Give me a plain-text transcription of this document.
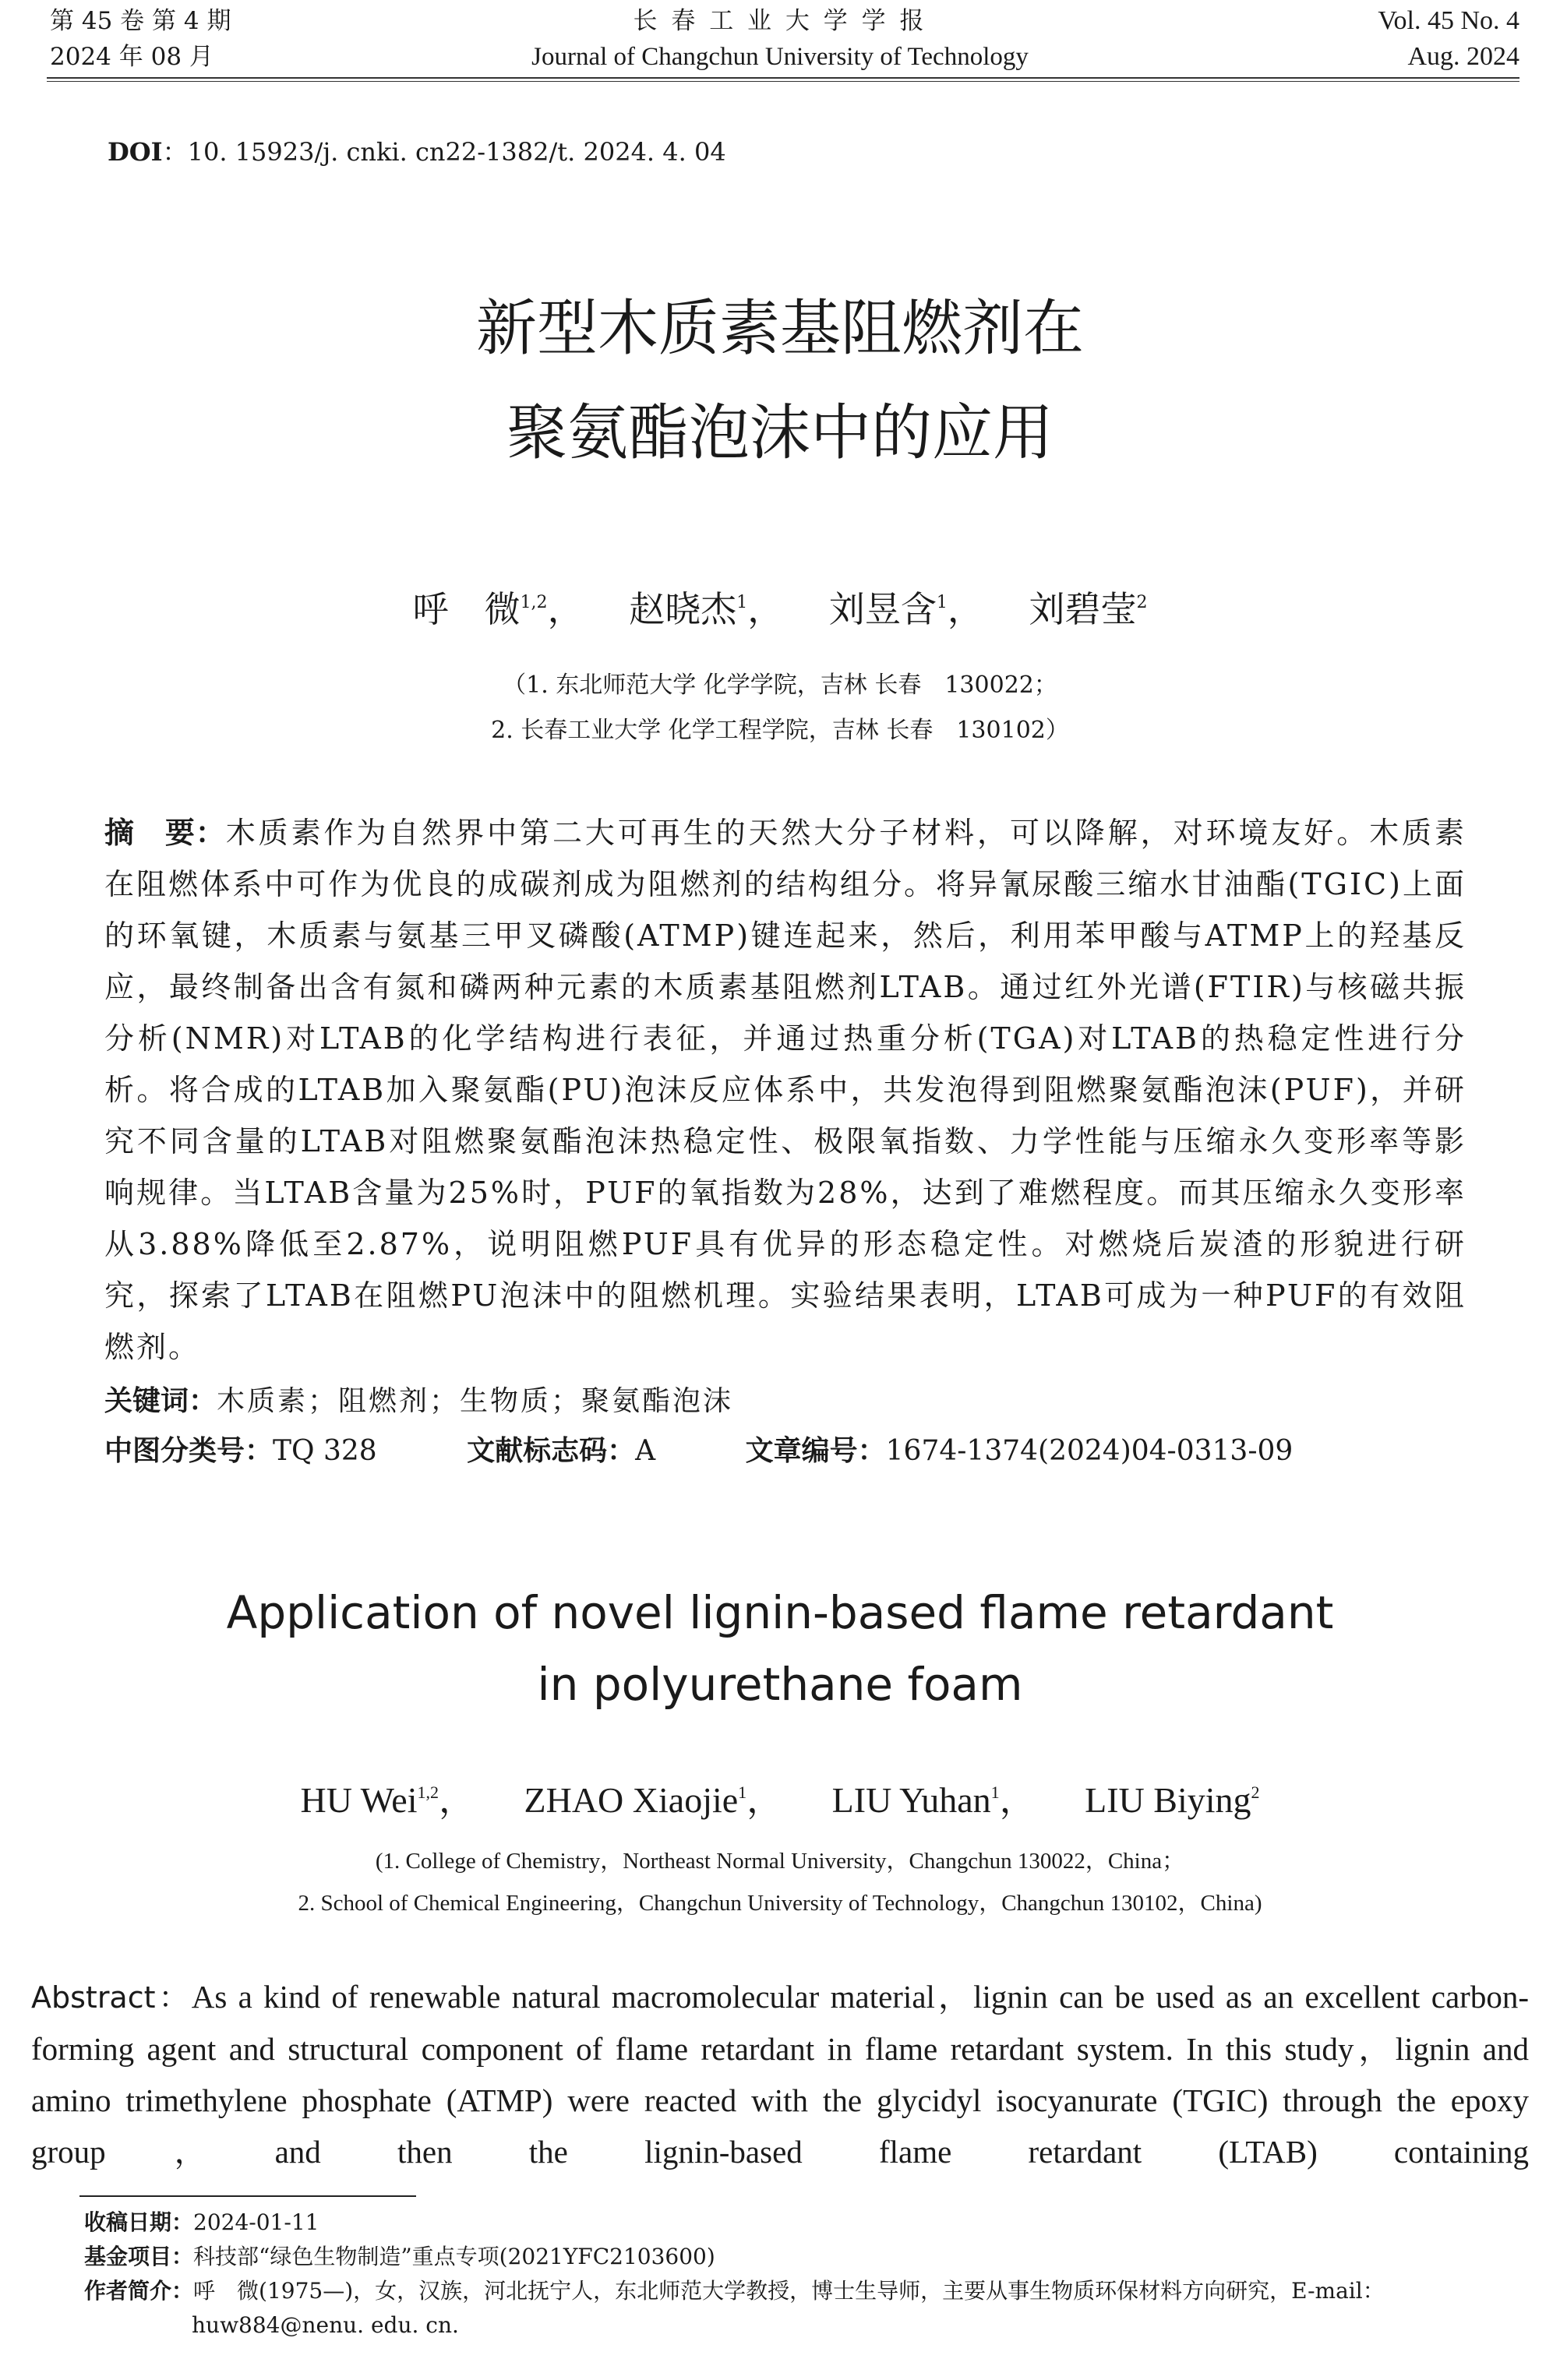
第 45 卷 第 4 期
2024 年 08 月
长 春 工 业 大 学 学 报
Journal of Changchun University of Technology
Vol. 45 No. 4
Aug. 2024
DOI：10. 15923/j. cnki. cn22-1382/t. 2024. 4. 04
新型木质素基阻燃剂在
聚氨酯泡沫中的应用
呼　微$^{1,2}$， 赵晓杰$^1$， 刘昱含$^1$， 刘碧莹$^2$
（1. 东北师范大学 化学学院，吉林 长春　130022；
2. 长春工业大学 化学工程学院，吉林 长春　130102）
摘　要：木质素作为自然界中第二大可再生的天然大分子材料，可以降解，对环境友好。木质素在阻燃体系中可作为优良的成碳剂成为阻燃剂的结构组分。将异氰尿酸三缩水甘油酯(TGIC)上面的环氧键，木质素与氨基三甲叉磷酸(ATMP)键连起来，然后，利用苯甲酸与ATMP上的羟基反应，最终制备出含有氮和磷两种元素的木质素基阻燃剂LTAB。通过红外光谱(FTIR)与核磁共振分析(NMR)对LTAB的化学结构进行表征，并通过热重分析(TGA)对LTAB的热稳定性进行分析。将合成的LTAB加入聚氨酯(PU)泡沫反应体系中，共发泡得到阻燃聚氨酯泡沫(PUF)，并研究不同含量的LTAB对阻燃聚氨酯泡沫热稳定性、极限氧指数、力学性能与压缩永久变形率等影响规律。当LTAB含量为25%时，PUF的氧指数为28%，达到了难燃程度。而其压缩永久变形率从3.88%降低至2.87%，说明阻燃PUF具有优异的形态稳定性。对燃烧后炭渣的形貌进行研究，探索了LTAB在阻燃PU泡沫中的阻燃机理。实验结果表明，LTAB可成为一种PUF的有效阻燃剂。
关键词：木质素；阻燃剂；生物质；聚氨酯泡沫
中图分类号：TQ 328	文献标志码：A	文章编号：1674-1374(2024)04-0313-09
Application of novel lignin-based flame retardant
in polyurethane foam
HU Wei$^{1,2}$， ZHAO Xiaojie$^1$， LIU Yuhan$^1$， LIU Biying$^2$
(1. College of Chemistry，Northeast Normal University，Changchun 130022，China；
2. School of Chemical Engineering，Changchun University of Technology，Changchun 130102，China)
Abstract：As a kind of renewable natural macromolecular material，lignin can be used as an excellent carbon-forming agent and structural component of flame retardant in flame retardant system. In this study，lignin and amino trimethylene phosphate (ATMP) were reacted with the glycidyl isocyanurate (TGIC) through the epoxy group，and then the lignin-based flame retardant (LTAB) containing
收稿日期：2024-01-11
基金项目：科技部“绿色生物制造”重点专项(2021YFC2103600)
作者简介：呼　微(1975—)，女，汉族，河北抚宁人，东北师范大学教授，博士生导师，主要从事生物质环保材料方向研究，E-mail：
huw884@nenu. edu. cn.
